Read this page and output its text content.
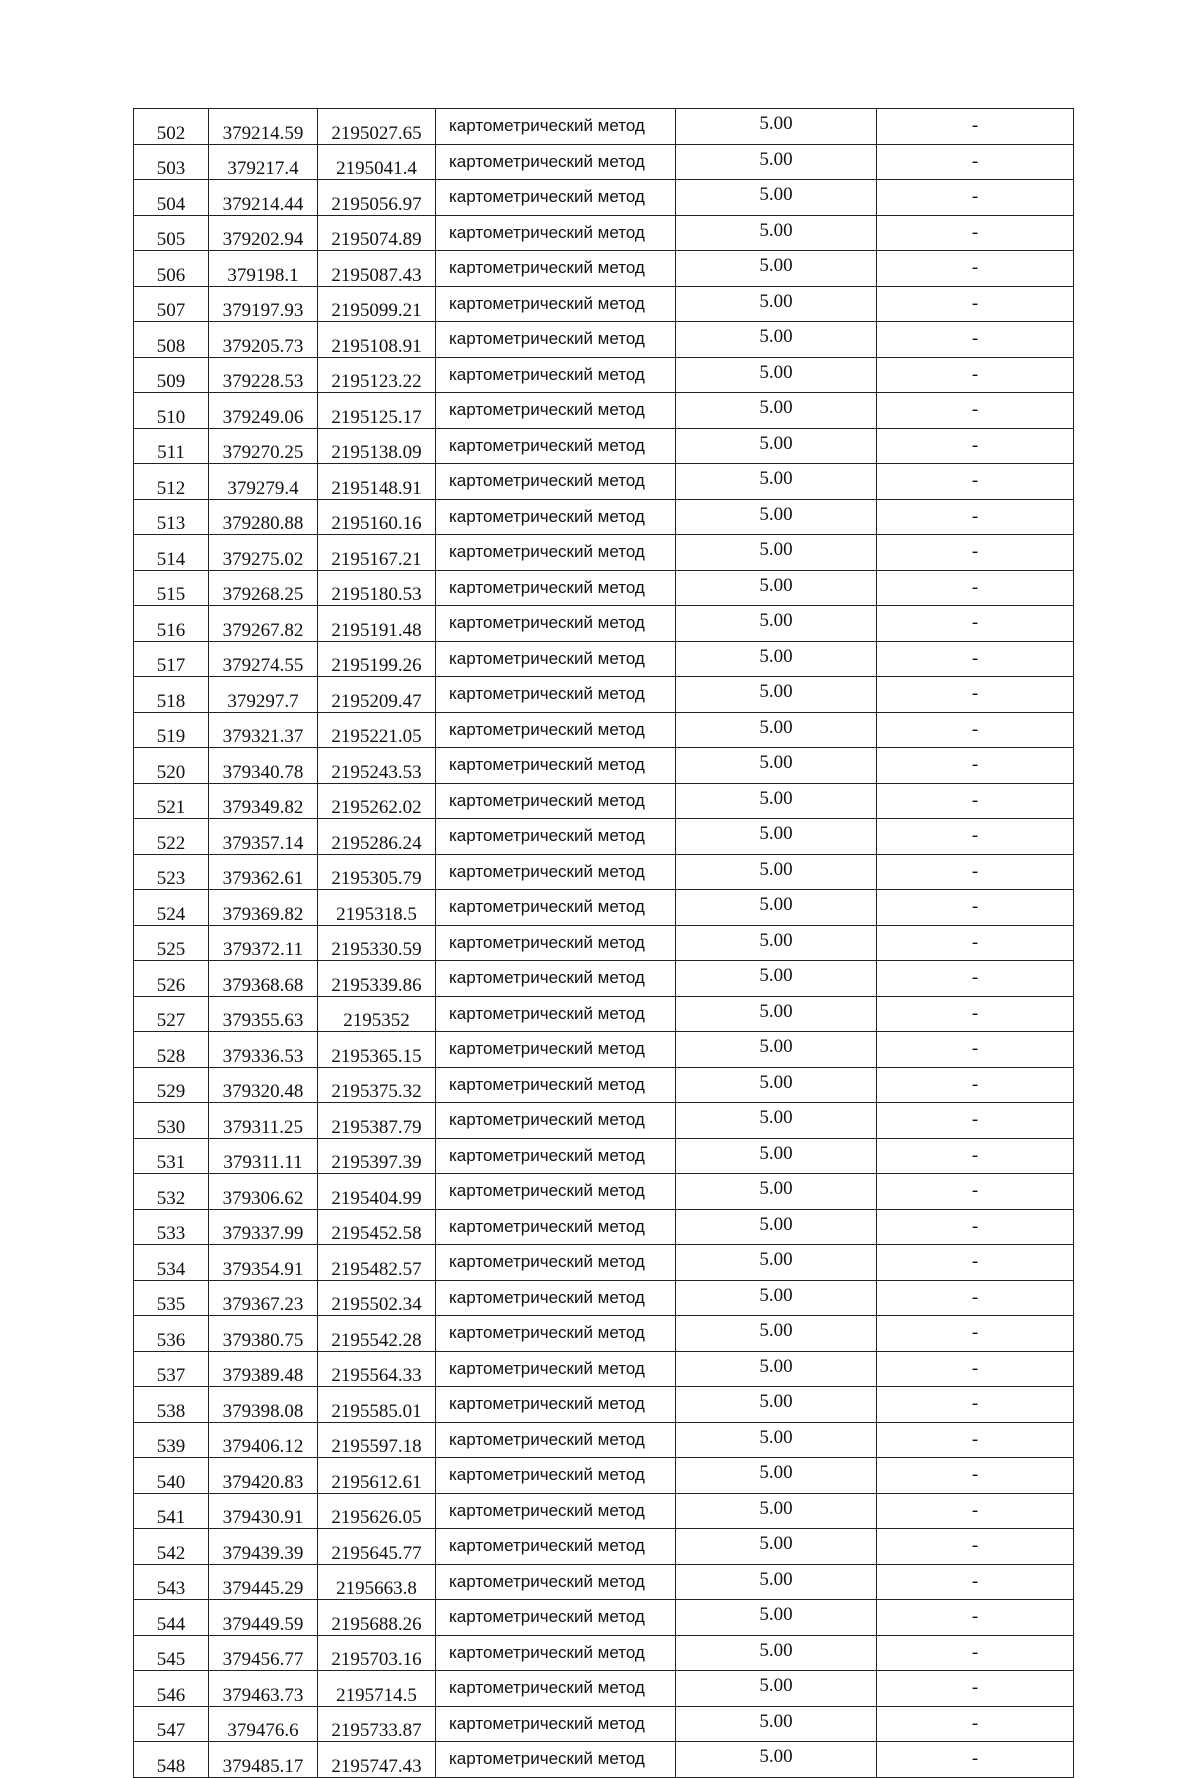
502	379214.59	2195027.65	картометрический метод	5.00	-
503	379217.4	2195041.4	картометрический метод	5.00	-
504	379214.44	2195056.97	картометрический метод	5.00	-
505	379202.94	2195074.89	картометрический метод	5.00	-
506	379198.1	2195087.43	картометрический метод	5.00	-
507	379197.93	2195099.21	картометрический метод	5.00	-
508	379205.73	2195108.91	картометрический метод	5.00	-
509	379228.53	2195123.22	картометрический метод	5.00	-
510	379249.06	2195125.17	картометрический метод	5.00	-
511	379270.25	2195138.09	картометрический метод	5.00	-
512	379279.4	2195148.91	картометрический метод	5.00	-
513	379280.88	2195160.16	картометрический метод	5.00	-
514	379275.02	2195167.21	картометрический метод	5.00	-
515	379268.25	2195180.53	картометрический метод	5.00	-
516	379267.82	2195191.48	картометрический метод	5.00	-
517	379274.55	2195199.26	картометрический метод	5.00	-
518	379297.7	2195209.47	картометрический метод	5.00	-
519	379321.37	2195221.05	картометрический метод	5.00	-
520	379340.78	2195243.53	картометрический метод	5.00	-
521	379349.82	2195262.02	картометрический метод	5.00	-
522	379357.14	2195286.24	картометрический метод	5.00	-
523	379362.61	2195305.79	картометрический метод	5.00	-
524	379369.82	2195318.5	картометрический метод	5.00	-
525	379372.11	2195330.59	картометрический метод	5.00	-
526	379368.68	2195339.86	картометрический метод	5.00	-
527	379355.63	2195352	картометрический метод	5.00	-
528	379336.53	2195365.15	картометрический метод	5.00	-
529	379320.48	2195375.32	картометрический метод	5.00	-
530	379311.25	2195387.79	картометрический метод	5.00	-
531	379311.11	2195397.39	картометрический метод	5.00	-
532	379306.62	2195404.99	картометрический метод	5.00	-
533	379337.99	2195452.58	картометрический метод	5.00	-
534	379354.91	2195482.57	картометрический метод	5.00	-
535	379367.23	2195502.34	картометрический метод	5.00	-
536	379380.75	2195542.28	картометрический метод	5.00	-
537	379389.48	2195564.33	картометрический метод	5.00	-
538	379398.08	2195585.01	картометрический метод	5.00	-
539	379406.12	2195597.18	картометрический метод	5.00	-
540	379420.83	2195612.61	картометрический метод	5.00	-
541	379430.91	2195626.05	картометрический метод	5.00	-
542	379439.39	2195645.77	картометрический метод	5.00	-
543	379445.29	2195663.8	картометрический метод	5.00	-
544	379449.59	2195688.26	картометрический метод	5.00	-
545	379456.77	2195703.16	картометрический метод	5.00	-
546	379463.73	2195714.5	картометрический метод	5.00	-
547	379476.6	2195733.87	картометрический метод	5.00	-
548	379485.17	2195747.43	картометрический метод	5.00	-
